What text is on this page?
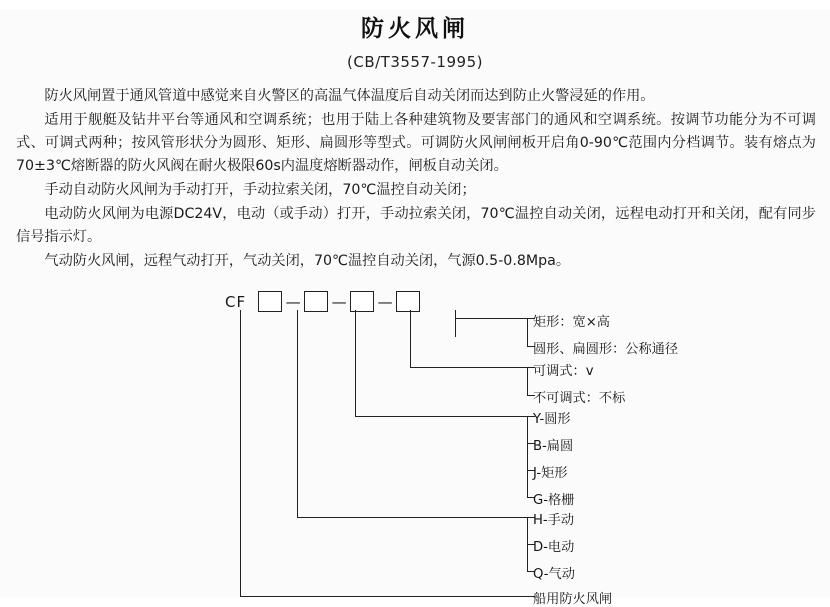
防火风闸
(CB/T3557-1995)

防火风闸置于通风管道中感觉来自火警区的高温气体温度后自动关闭而达到防止火警浸延的作用。

适用于舰艇及钻井平台等通风和空调系统；也用于陆上各种建筑物及要害部门的通风和空调系统。按调节功能分为不可调式、可调式两种；按风管形状分为圆形、矩形、扁圆形等型式。可调防火风闸闸板开启角0-90℃范围内分档调节。装有熔点为70±3℃熔断器的防火风阀在耐火极限60s内温度熔断器动作，闸板自动关闭。

手动自动防火风闸为手动打开，手动拉索关闭，70℃温控自动关闭；

电动防火风闸为电源DC24V，电动（或手动）打开，手动拉索关闭，70℃温控自动关闭，远程电动打开和关闭，配有同步信号指示灯。

气动防火风闸，远程气动打开，气动关闭，70℃温控自动关闭，气源0.5-0.8Mpa。

CF	— — —
矩形：宽×高
圆形、扁圆形：公称通径
可调式：v
不可调式：不标
Y-圆形
B-扁圆
J-矩形
G-格栅
H-手动
D-电动
Q-气动
船用防火风闸
